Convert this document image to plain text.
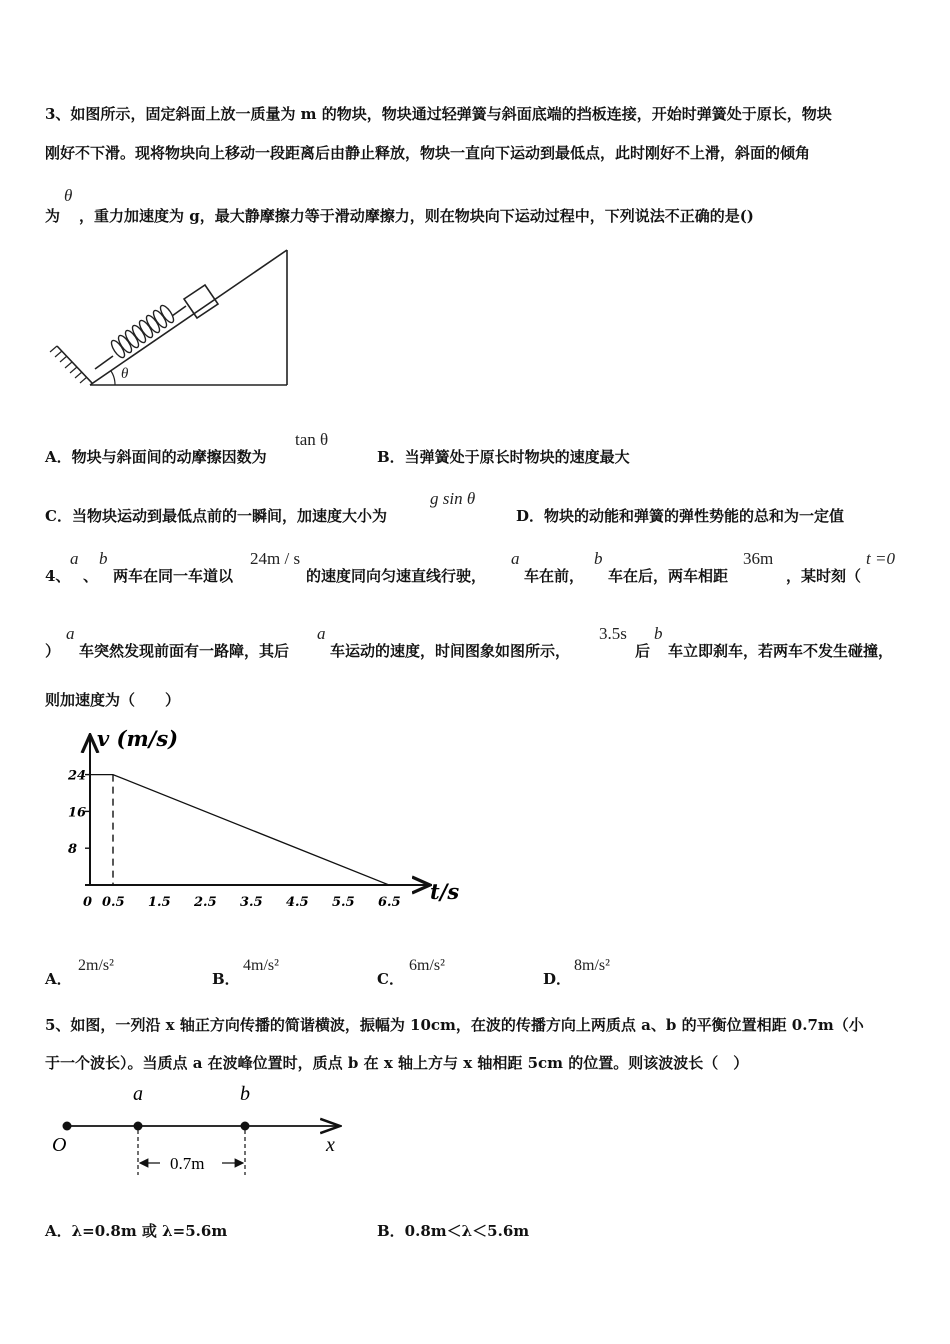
3、如图所示，固定斜面上放一质量为 m 的物块，物块通过轻弹簧与斜面底端的挡板连接，开始时弹簧处于原长，物块
刚好不下滑。现将物块向上移动一段距离后由静止释放，物块一直向下运动到最低点，此时刚好不上滑，斜面的倾角
为
θ
，重力加速度为 g，最大静摩擦力等于滑动摩擦力，则在物块向下运动过程中，下列说法不正确的是()
θ
A．物块与斜面间的动摩擦因数为
tan θ
B．当弹簧处于原长时物块的速度最大
C．当物块运动到最低点前的一瞬间，加速度大小为
g sin θ
D．物块的动能和弹簧的弹性势能的总和为一定值
4、
a
、
b
两车在同一车道以
24m / s
的速度同向匀速直线行驶，
a
车在前，
b
车在后，两车相距
36m
，某时刻（
t =0
）
a
车突然发现前面有一路障，其后
a
车运动的速度，时间图象如图所示，
3.5s
后
b
车立即刹车，若两车不发生碰撞，
则加速度为（　　）
24
16
8
0 0.5 1.5 2.5 3.5 4.5 5.5 6.5
v (m/s)
t/s
A．
2m/s²
B．
4m/s²
C．
6m/s²
D．
8m/s²
5、如图，一列沿 x 轴正方向传播的简谐横波，振幅为 10cm，在波的传播方向上两质点 a、b 的平衡位置相距 0.7m（小
于一个波长）。当质点 a 在波峰位置时，质点 b 在 x 轴上方与 x 轴相距 5cm 的位置。则该波波长（　）
a	b
O	x
0.7m
A．λ=0.8m 或 λ=5.6m	B．0.8m＜λ＜5.6m
